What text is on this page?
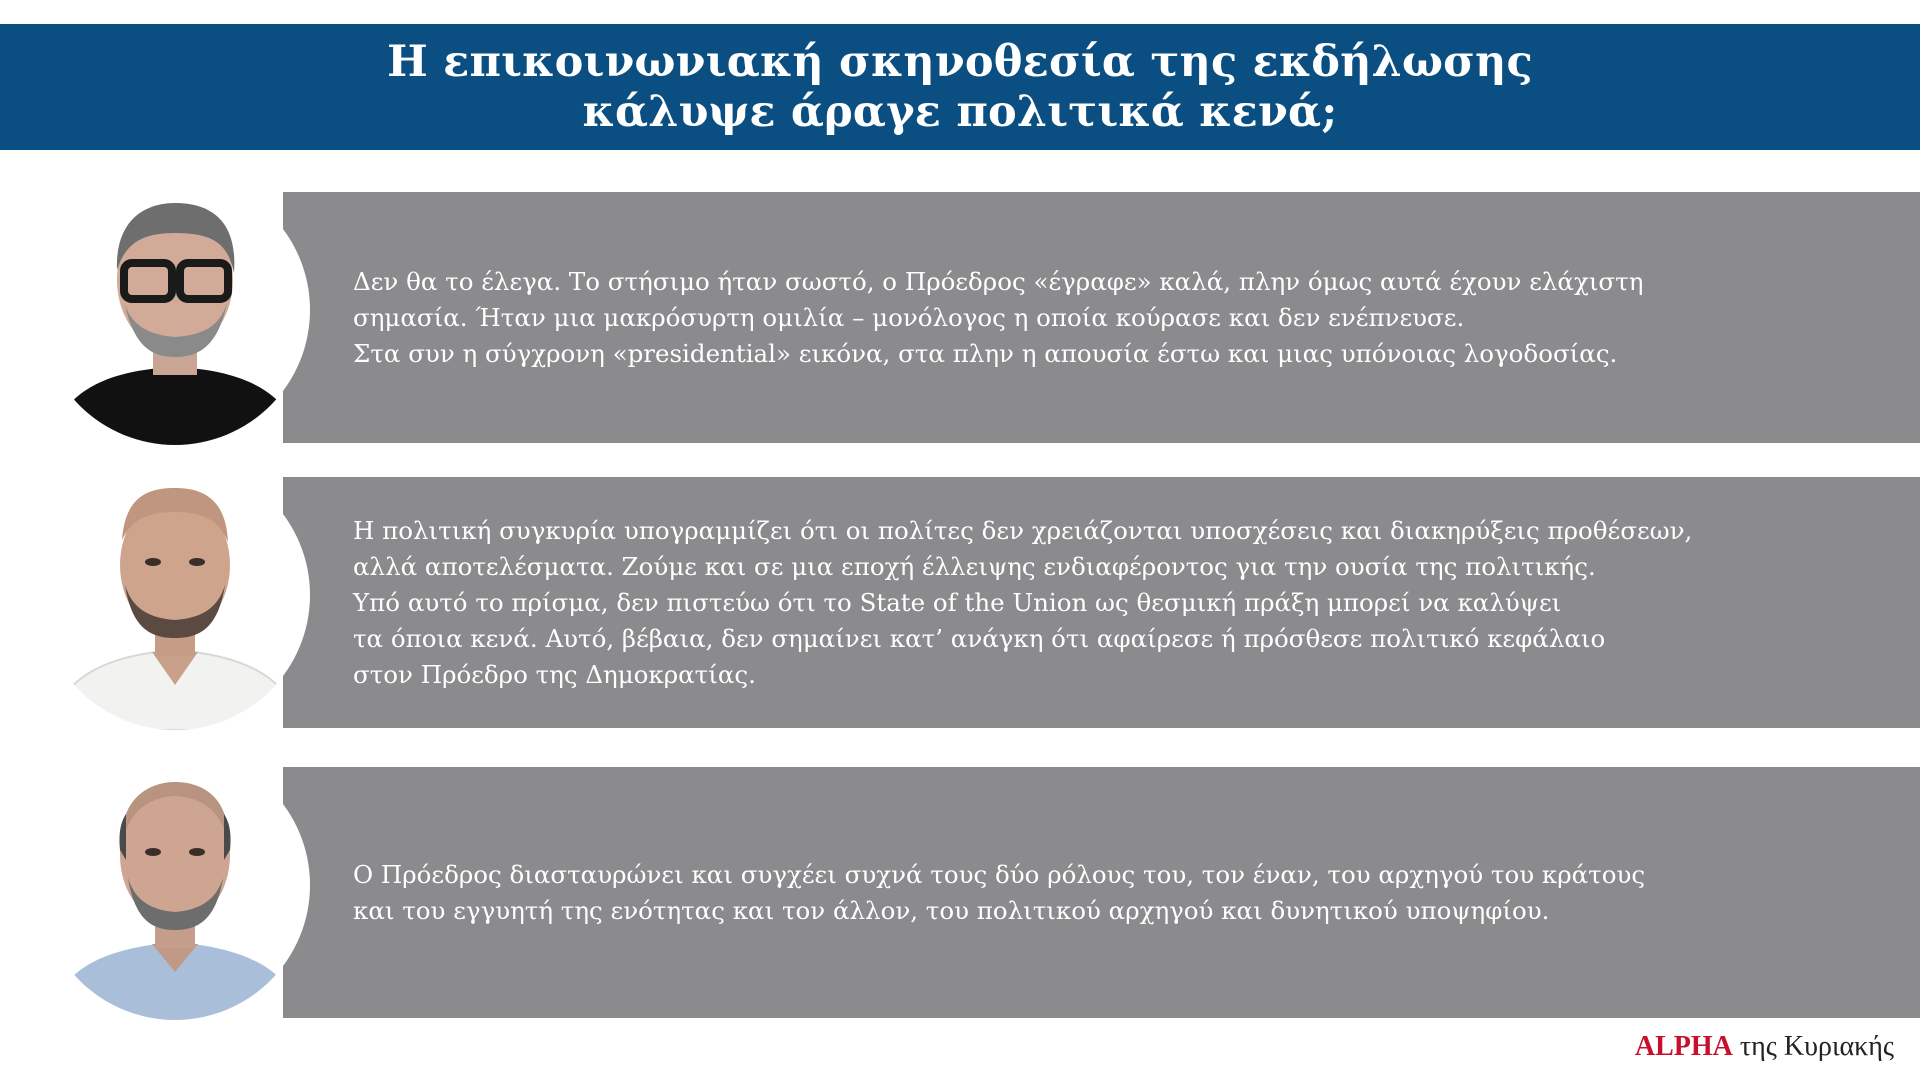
Η επικοινωνιακή σκηνοθεσία της εκδήλωσης
κάλυψε άραγε πολιτικά κενά;
Δεν θα το έλεγα. Το στήσιμο ήταν σωστό, ο Πρόεδρος «έγραφε» καλά, πλην όμως αυτά έχουν ελάχιστη
σημασία. Ήταν μια μακρόσυρτη ομιλία – μονόλογος η οποία κούρασε και δεν ενέπνευσε.
Στα συν η σύγχρονη «presidential» εικόνα, στα πλην η απουσία έστω και μιας υπόνοιας λογοδοσίας.
Η πολιτική συγκυρία υπογραμμίζει ότι οι πολίτες δεν χρειάζονται υποσχέσεις και διακηρύξεις προθέσεων,
αλλά αποτελέσματα. Ζούμε και σε μια εποχή έλλειψης ενδιαφέροντος για την ουσία της πολιτικής.
Υπό αυτό το πρίσμα, δεν πιστεύω ότι το State of the Union ως θεσμική πράξη μπορεί να καλύψει
τα όποια κενά. Αυτό, βέβαια, δεν σημαίνει κατ’ ανάγκη ότι αφαίρεσε ή πρόσθεσε πολιτικό κεφάλαιο
στον Πρόεδρο της Δημοκρατίας.
Ο Πρόεδρος διασταυρώνει και συγχέει συχνά τους δύο ρόλους του, τον έναν, του αρχηγού του κράτους
και του εγγυητή της ενότητας και τον άλλον, του πολιτικού αρχηγού και δυνητικού υποψηφίου.
ALPHA της Κυριακής
